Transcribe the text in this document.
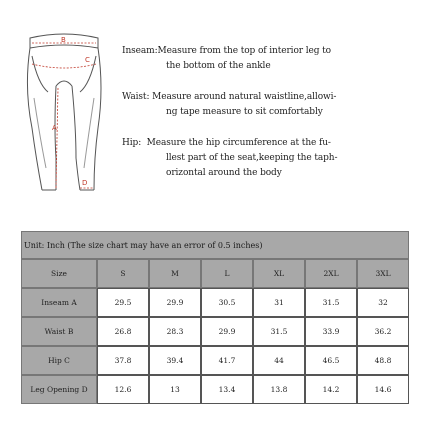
B
C
A
D
Inseam:Measure from the top of interior leg to
the bottom of the ankle
Waist: Measure around natural waistline,allowi-
ng tape measure to sit comfortably
Hip:  Measure the hip circumference at the fu-
llest part of the seat,keeping the taph-
orizontal around the body
Unit: Inch (The size chart may have an error of 0.5 inches)
Size	S	M	L	XL	2XL	3XL
Inseam A	29.5	29.9	30.5	31	31.5	32
Waist B	26.8	28.3	29.9	31.5	33.9	36.2
Hip C	37.8	39.4	41.7	44	46.5	48.8
Leg Opening D	12.6	13	13.4	13.8	14.2	14.6
